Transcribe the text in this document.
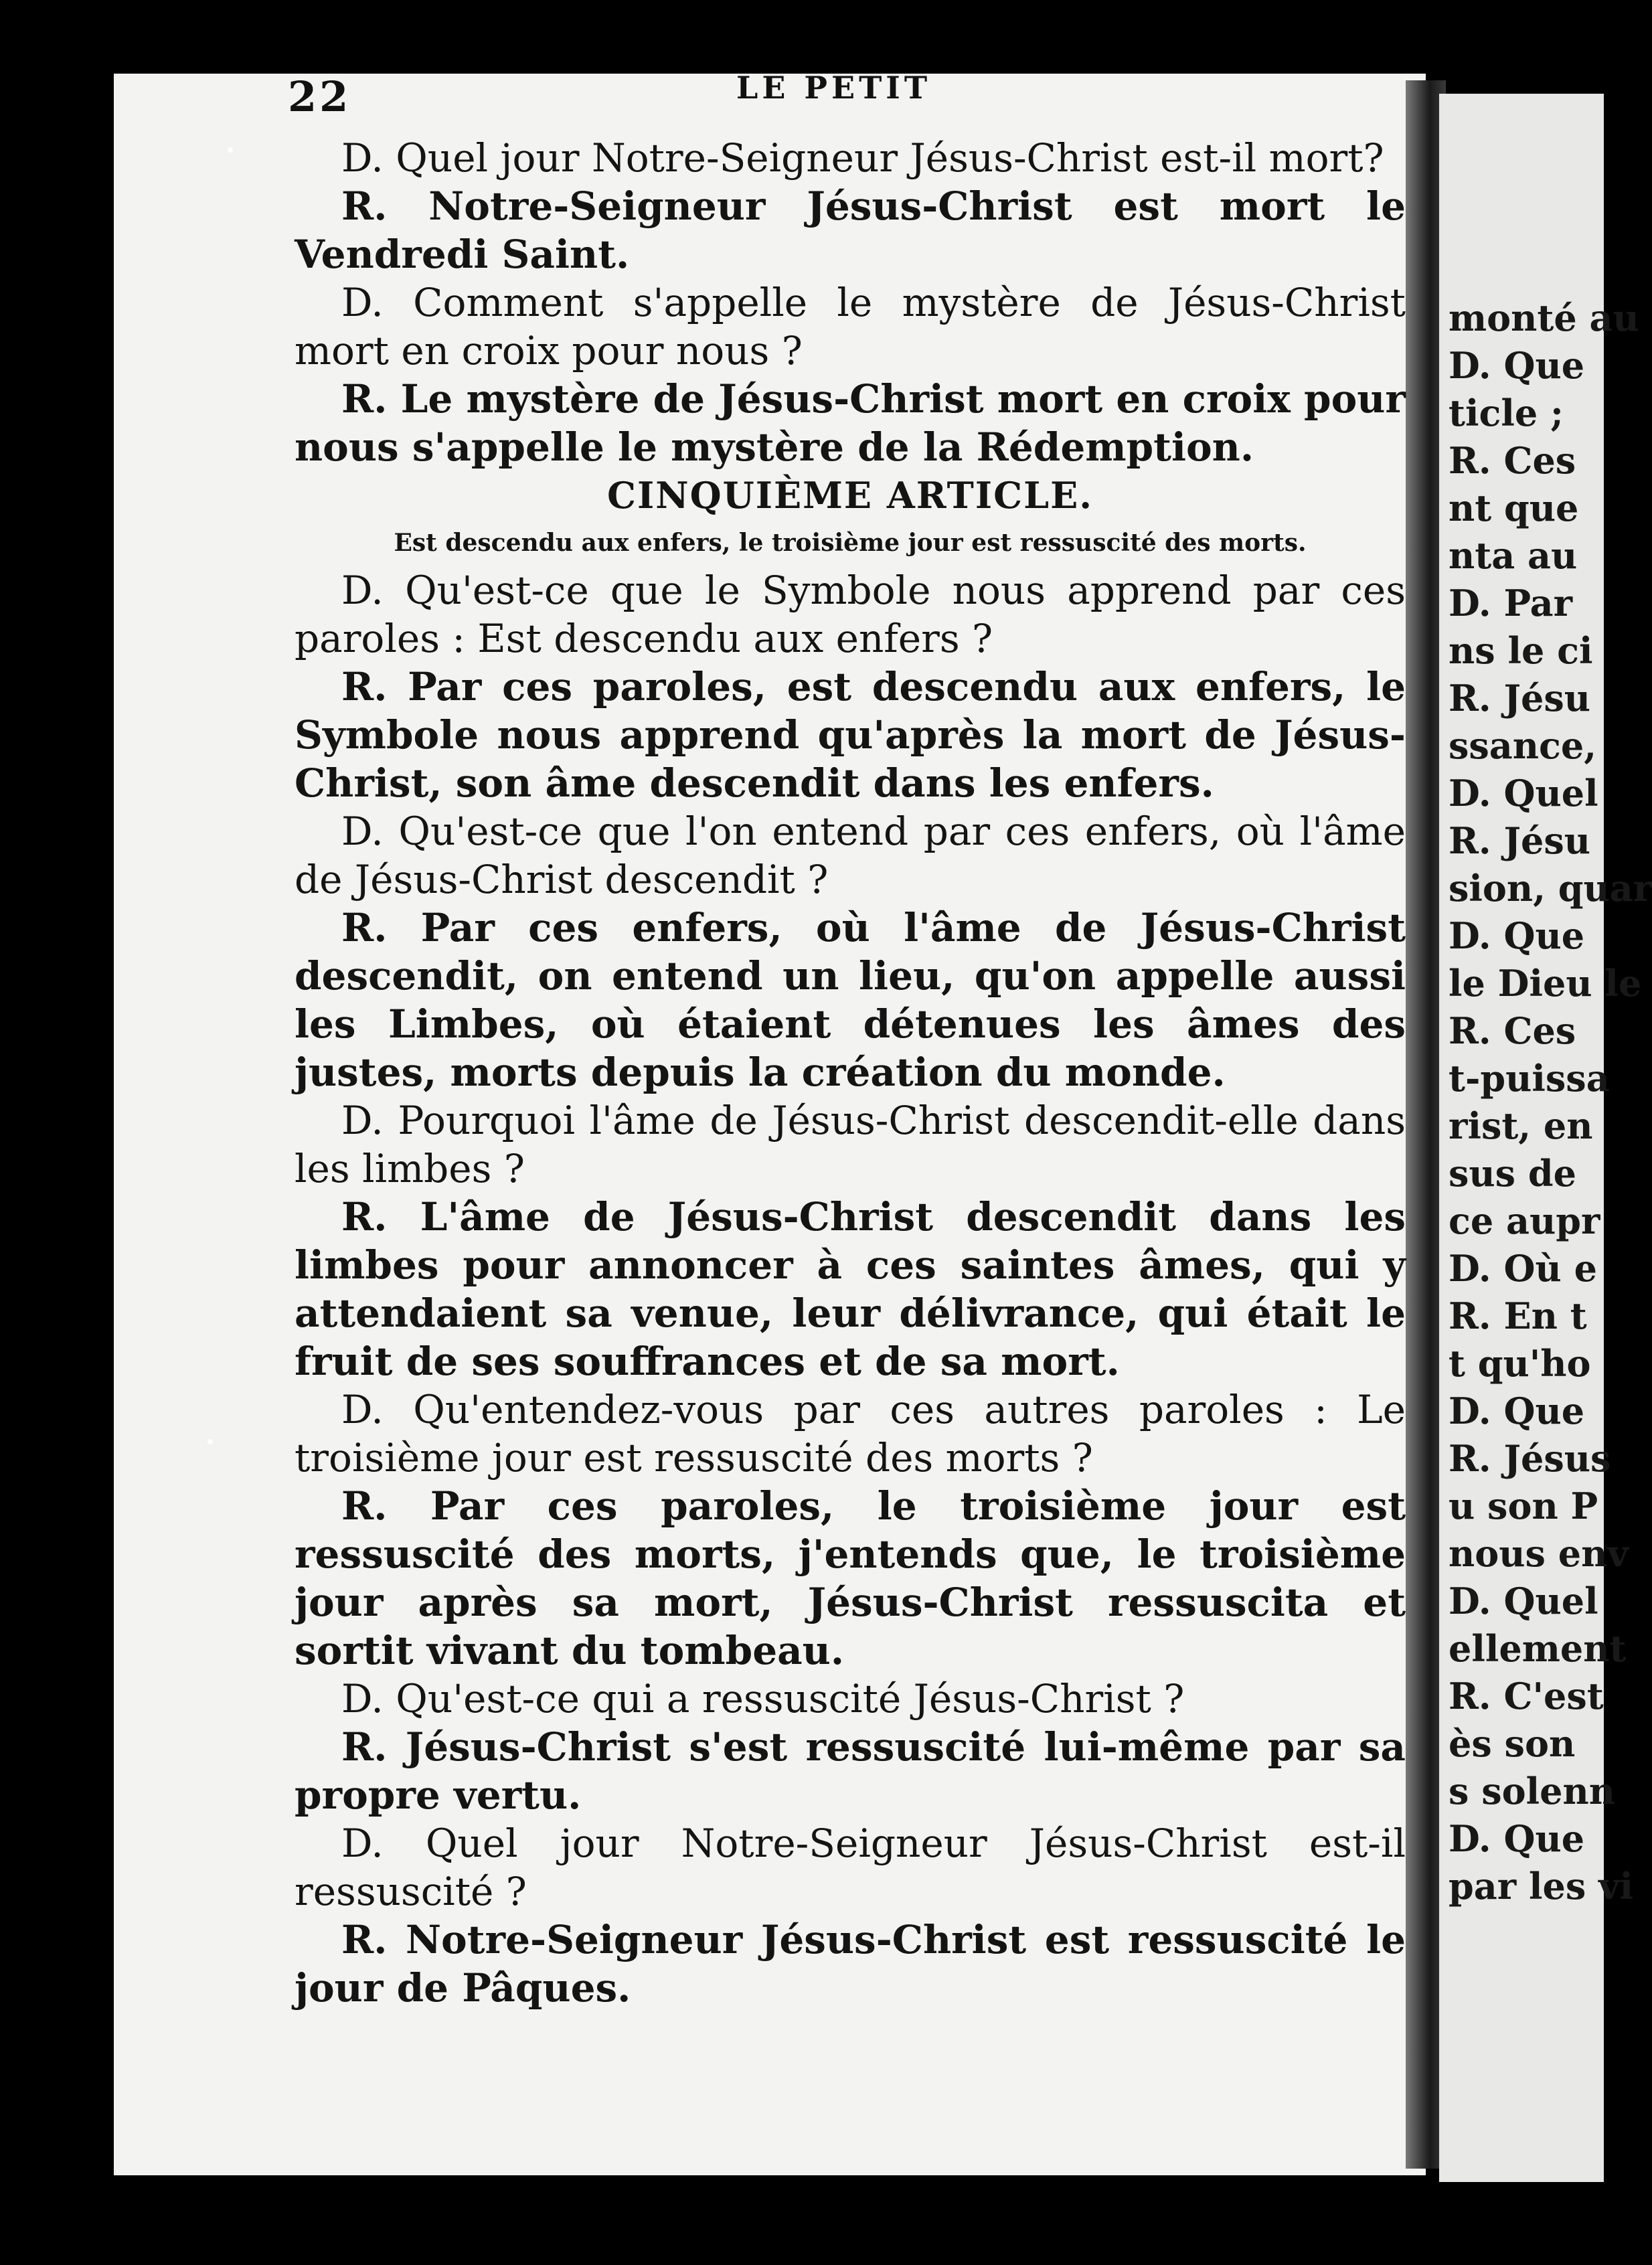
monté au
D. Que
ticle ;
R. Ces
nt que
nta au
D. Par
ns le ci
R. Jésu
ssance,
D. Quel
R. Jésu
sion, quar
D. Que
le Dieu le
R. Ces
t-puissa
rist, en
sus de
ce aupr
D. Où e
R. En t
t qu'ho
D. Que
R. Jésus
u son P
nous env
D. Quel
ellement
R. C'est
ès son
s solenn
D. Que
par les vi
22	LE PETIT

D. Quel jour Notre-Seigneur Jésus-Christ est-il mort?

R. Notre-Seigneur Jésus-Christ est mort le Vendredi Saint.

D. Comment s'appelle le mystère de Jésus-Christ mort en croix pour nous ?

R. Le mystère de Jésus-Christ mort en croix pour nous s'appelle le mystère de la Rédemption.

CINQUIÈME ARTICLE.

Est descendu aux enfers, le troisième jour est ressuscité des morts.

D. Qu'est-ce que le Symbole nous apprend par ces paroles : Est descendu aux enfers ?

R. Par ces paroles, est descendu aux enfers, le Symbole nous apprend qu'après la mort de Jésus-Christ, son âme descendit dans les enfers.

D. Qu'est-ce que l'on entend par ces enfers, où l'âme de Jésus-Christ descendit ?

R. Par ces enfers, où l'âme de Jésus-Christ descendit, on entend un lieu, qu'on appelle aussi les Limbes, où étaient détenues les âmes des justes, morts depuis la création du monde.

D. Pourquoi l'âme de Jésus-Christ descendit-elle dans les limbes ?

R. L'âme de Jésus-Christ descendit dans les limbes pour annoncer à ces saintes âmes, qui y attendaient sa venue, leur délivrance, qui était le fruit de ses souffrances et de sa mort.

D. Qu'entendez-vous par ces autres paroles : Le troisième jour est ressuscité des morts ?

R. Par ces paroles, le troisième jour est ressuscité des morts, j'entends que, le troisième jour après sa mort, Jésus-Christ ressuscita et sortit vivant du tombeau.

D. Qu'est-ce qui a ressuscité Jésus-Christ ?

R. Jésus-Christ s'est ressuscité lui-même par sa propre vertu.

D. Quel jour Notre-Seigneur Jésus-Christ est-il ressuscité ?

R. Notre-Seigneur Jésus-Christ est ressuscité le jour de Pâques.
